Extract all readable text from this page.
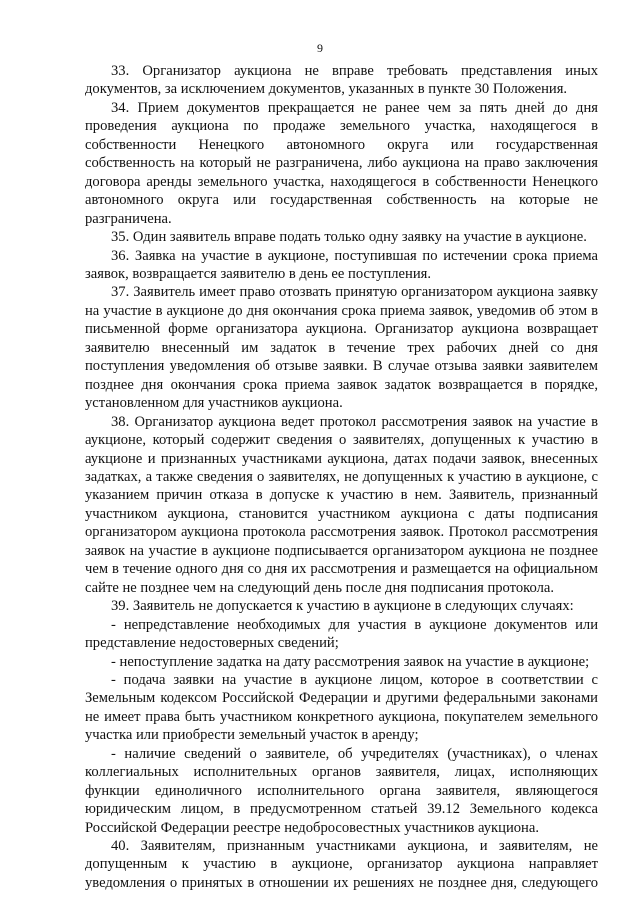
9

33. Организатор аукциона не вправе требовать представления иных документов, за исключением документов, указанных в пункте 30 Положения.

34. Прием документов прекращается не ранее чем за пять дней до дня проведения аукциона по продаже земельного участка, находящегося в собственности Ненецкого автономного округа или государственная собственность на который не разграничена, либо аукциона на право заключения договора аренды земельного участка, находящегося в собственности Ненецкого автономного округа или государственная собственность на которые не разграничена.

35. Один заявитель вправе подать только одну заявку на участие в аукционе.

36. Заявка на участие в аукционе, поступившая по истечении срока приема заявок, возвращается заявителю в день ее поступления.

37. Заявитель имеет право отозвать принятую организатором аукциона заявку на участие в аукционе до дня окончания срока приема заявок, уведомив об этом в письменной форме организатора аукциона. Организатор аукциона возвращает заявителю внесенный им задаток в течение трех рабочих дней со дня поступления уведомления об отзыве заявки. В случае отзыва заявки заявителем позднее дня окончания срока приема заявок задаток возвращается в порядке, установленном для участников аукциона.

38. Организатор аукциона ведет протокол рассмотрения заявок на участие в аукционе, который содержит сведения о заявителях, допущенных к участию в аукционе и признанных участниками аукциона, датах подачи заявок, внесенных задатках, а также сведения о заявителях, не допущенных к участию в аукционе, с указанием причин отказа в допуске к участию в нем. Заявитель, признанный участником аукциона, становится участником аукциона с даты подписания организатором аукциона протокола рассмотрения заявок. Протокол рассмотрения заявок на участие в аукционе подписывается организатором аукциона не позднее чем в течение одного дня со дня их рассмотрения и размещается на официальном сайте не позднее чем на следующий день после дня подписания протокола.

39. Заявитель не допускается к участию в аукционе в следующих случаях:

- непредставление необходимых для участия в аукционе документов или представление недостоверных сведений;

- непоступление задатка на дату рассмотрения заявок на участие в аукционе;

- подача заявки на участие в аукционе лицом, которое в соответствии с Земельным кодексом Российской Федерации и другими федеральными законами не имеет права быть участником конкретного аукциона, покупателем земельного участка или приобрести земельный участок в аренду;

- наличие сведений о заявителе, об учредителях (участниках), о членах коллегиальных исполнительных органов заявителя, лицах, исполняющих функции единоличного исполнительного органа заявителя, являющегося юридическим лицом, в предусмотренном статьей 39.12 Земельного кодекса Российской Федерации реестре недобросовестных участников аукциона.

40. Заявителям, признанным участниками аукциона, и заявителям, не допущенным к участию в аукционе, организатор аукциона направляет уведомления о принятых в отношении их решениях не позднее дня, следующего
